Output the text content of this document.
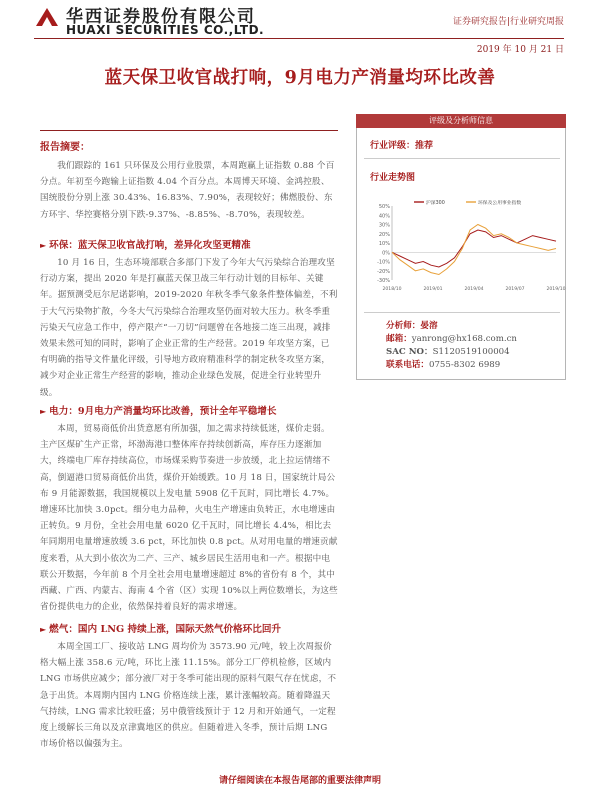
华西证券股份有限公司
HUAXI SECURITIES CO.,LTD.
证券研究报告|行业研究周报
2019 年 10 月 21 日
蓝天保卫收官战打响，9月电力产消量均环比改善
报告摘要：

我们跟踪的 161 只环保及公用行业股票，本周跑赢上证指数 0.88 个百分点。年初至今跑输上证指数 4.04 个百分点。本周博天环境、金鸿控股、国统股份分别上涨 30.43%、16.83%、7.90%，表现较好；佛燃股份、东方环宇、华控赛格分别下跌-9.37%、-8.85%、-8.70%，表现较差。

► 环保：蓝天保卫收官战打响，差异化攻坚更精准

10 月 16 日，生态环境部联合多部门下发了今年大气污染综合治理攻坚行动方案，提出 2020 年是打赢蓝天保卫战三年行动计划的目标年、关键年。据预测受厄尔尼诺影响，2019-2020 年秋冬季气象条件整体偏差，不利于大气污染物扩散，今冬大气污染综合治理攻坚仍面对较大压力。秋冬季重污染天气应急工作中，停产限产“一刀切”问题曾在各地接二连三出现，减排效果未然可知的同时，影响了企业正常的生产经营。2019 年攻坚方案，已有明确的指导文件量化评级，引导地方政府精准科学的制定秋冬攻坚方案，减少对企业正常生产经营的影响，推动企业绿色发展，促进全行业转型升级。

► 电力：9月电力产消量均环比改善，预计全年平稳增长

本周，贸易商低价出货意愿有所加强，加之需求持续低迷，煤价走弱。主产区煤矿生产正常，坏渤海港口整体库存持续创新高，库存压力逐渐加大，终端电厂库存持续高位，市场煤采购节奏进一步放缓，北上拉运情绪不高，倒逼港口贸易商低价出货，煤价开始缓跌。10 月 18 日，国家统计局公布 9 月能源数据，我国规模以上发电量 5908 亿千瓦时，同比增长 4.7%。增速环比加快 3.0pct。细分电力品种，火电生产增速由负转正，水电增速由正转负。9 月份，全社会用电量 6020 亿千瓦时，同比增长 4.4%，相比去年同期用电量增速放缓 3.6 pct，环比加快 0.8 pct。从对用电量的增速贡献度来看，从大到小依次为二产、三产、城乡居民生活用电和一产。根据中电联公开数据，今年前 8 个月全社会用电量增速超过 8%的省份有 8 个，其中西藏、广西、内蒙古、海南 4 个省（区）实现 10%以上两位数增长，为这些省份提供电力的企业，依然保持着良好的需求增速。

► 燃气：国内 LNG 持续上涨，国际天然气价格环比回升

本周全国工厂、接收站 LNG 周均价为 3573.90 元/吨，较上次周报价格大幅上涨 358.6 元/吨，环比上涨 11.15%。部分工厂停机检修，区域内 LNG 市场供应减少；部分液厂对于冬季可能出现的原料气限气存在忧虑，不急于出货。本周期内国内 LNG 价格连续上涨，累计涨幅较高。随着降温天气持续，LNG 需求比较旺盛；另中俄管线预计于 12 月和开始通气，一定程度上缓解长三角以及京津冀地区的供应。但随着进入冬季，预计后期 LNG 市场价格以偏强为主。

评级及分析师信息
行业评级：推荐
行业走势图
50%
40%
30%
20%
10%
0%
-10%
-20%
-30%
2018/10	2019/01	2019/04	2019/07	2019/10
沪深300	环保及公用事业指数
分析师：晏溶
邮箱：yanrong@hx168.com.cn
SAC NO：S1120519100004
联系电话：0755-8302 6989
请仔细阅读在本报告尾部的重要法律声明
